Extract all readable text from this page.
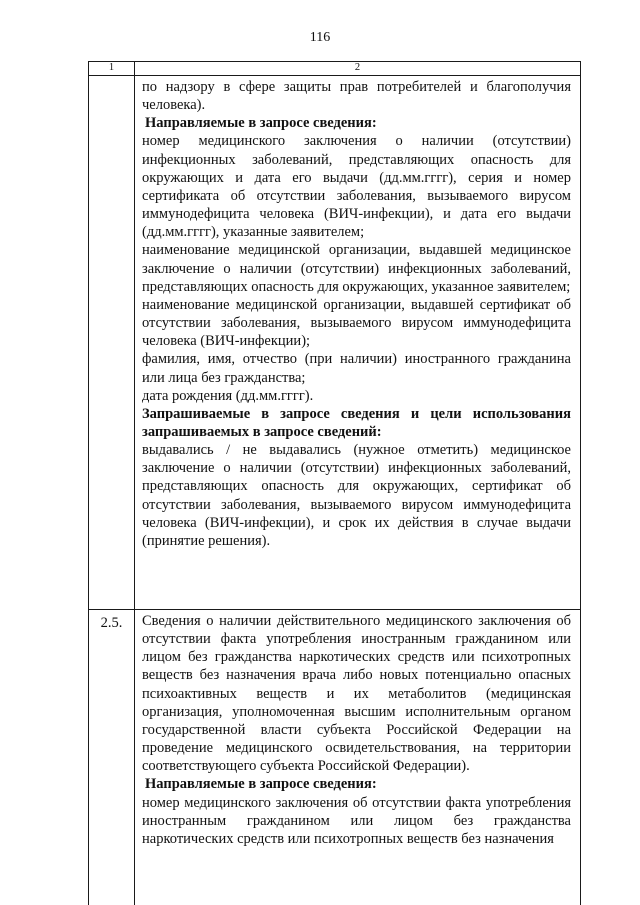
116
1	2

по надзору в сфере защиты прав потребителей и благополучия человека).

Направляемые в запросе сведения:

номер медицинского заключения о наличии (отсутствии) инфекционных заболеваний, представляющих опасность для окружающих и дата его выдачи (дд.мм.гггг), серия и номер сертификата об отсутствии заболевания, вызываемого вирусом иммунодефицита человека (ВИЧ-инфекции), и дата его выдачи (дд.мм.гггг), указанные заявителем;

наименование медицинской организации, выдавшей медицинское заключение о наличии (отсутствии) инфекционных заболеваний, представляющих опасность для окружающих, указанное заявителем;

наименование медицинской организации, выдавшей сертификат об отсутствии заболевания, вызываемого вирусом иммунодефицита человека (ВИЧ-инфекции);

фамилия, имя, отчество (при наличии) иностранного гражданина или лица без гражданства;

дата рождения (дд.мм.гггг).

Запрашиваемые в запросе сведения и цели использования запрашиваемых в запросе сведений:

выдавались / не выдавались (нужное отметить) медицинское заключение о наличии (отсутствии) инфекционных заболеваний, представляющих опасность для окружающих, сертификат об отсутствии заболевания, вызываемого вирусом иммунодефицита человека (ВИЧ-инфекции), и срок их действия в случае выдачи (принятие решения).

2.5.	Сведения о наличии действительного медицинского заключения об отсутствии факта употребления иностранным гражданином или лицом без гражданства наркотических средств или психотропных веществ без назначения врача либо новых потенциально опасных психоактивных веществ и их метаболитов (медицинская организация, уполномоченная высшим исполнительным органом государственной власти субъекта Российской Федерации на проведение медицинского освидетельствования, на территории соответствующего субъекта Российской Федерации).

Направляемые в запросе сведения:

номер медицинского заключения об отсутствии факта употребления иностранным гражданином или лицом без гражданства наркотических средств или психотропных веществ без назначения
